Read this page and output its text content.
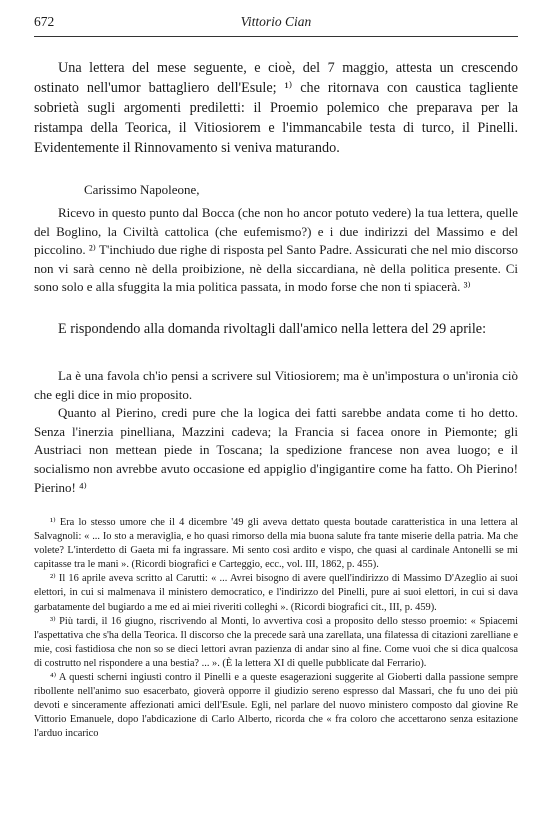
672	Vittorio Cian

Una lettera del mese seguente, e cioè, del 7 maggio, attesta un crescendo ostinato nell'umor battagliero dell'Esule; ¹⁾ che ritornava con caustica tagliente sobrietà sugli argomenti prediletti: il Proemio polemico che preparava per la ristampa della Teorica, il Vitiosiorem e l'immancabile testa di turco, il Pinelli. Evidentemente il Rinnovamento si veniva maturando.

Carissimo Napoleone,

Ricevo in questo punto dal Bocca (che non ho ancor potuto vedere) la tua lettera, quelle del Boglino, la Civiltà cattolica (che eufemismo?) e i due indirizzi del Massimo e del piccolino. ²⁾ T'inchiudo due righe di risposta pel Santo Padre. Assicurati che nel mio discorso non vi sarà cenno nè della proibizione, nè della siccardiana, nè della politica presente. Ci sono solo e alla sfuggita la mia politica passata, in modo forse che non ti spiacerà. ³⁾

E rispondendo alla domanda rivoltagli dall'amico nella lettera del 29 aprile:

La è una favola ch'io pensi a scrivere sul Vitiosiorem; ma è un'impostura o un'ironia ciò che egli dice in mio proposito.

Quanto al Pierino, credi pure che la logica dei fatti sarebbe andata come ti ho detto. Senza l'inerzia pinelliana, Mazzini cadeva; la Francia si facea onore in Piemonte; gli Austriaci non mettean piede in Toscana; la spedizione francese non avea luogo; e il socialismo non avrebbe avuto occasione ed appiglio d'ingigantire come ha fatto. Oh Pierino! Pierino! ⁴⁾

¹⁾ Era lo stesso umore che il 4 dicembre '49 gli aveva dettato questa boutade caratteristica in una lettera al Salvagnoli: « ... Io sto a meraviglia, e ho quasi rimorso della mia buona salute fra tante miserie della patria. Ma che volete? L'interdetto di Gaeta mi fa ingrassare. Mi sento così ardito e vispo, che quasi al cardinale Antonelli se mi capitasse tra le mani ». (Ricordi biografici e Carteggio, ecc., vol. III, 1862, p. 455).

²⁾ Il 16 aprile aveva scritto al Carutti: « ... Avrei bisogno di avere quell'indirizzo di Massimo D'Azeglio ai suoi elettori, in cui si malmenava il ministero democratico, e l'indirizzo del Pinelli, pure ai suoi elettori, in cui si dava garbatamente del bugiardo a me ed ai miei riveriti colleghi ». (Ricordi biografici cit., III, p. 459).

³⁾ Più tardi, il 16 giugno, riscrivendo al Monti, lo avvertiva così a proposito dello stesso proemio: « Spiacemi l'aspettativa che s'ha della Teorica. Il discorso che la precede sarà una zarellata, una filatessa di citazioni zarelliane e mie, così fastidiosa che non so se dieci lettori avran pazienza di andar sino al fine. Come vuoi che si dica qualcosa di costrutto nel rispondere a una bestia? ... ». (È la lettera XI di quelle pubblicate dal Ferrario).

⁴⁾ A questi scherni ingiusti contro il Pinelli e a queste esagerazioni suggerite al Gioberti dalla passione sempre ribollente nell'animo suo esacerbato, gioverà opporre il giudizio sereno espresso dal Massari, che fu uno dei più devoti e sinceramente affezionati amici dell'Esule. Egli, nel parlare del nuovo ministero composto dal giovine Re Vittorio Emanuele, dopo l'abdicazione di Carlo Alberto, ricorda che « fra coloro che accettarono senza esitazione l'arduo incarico
